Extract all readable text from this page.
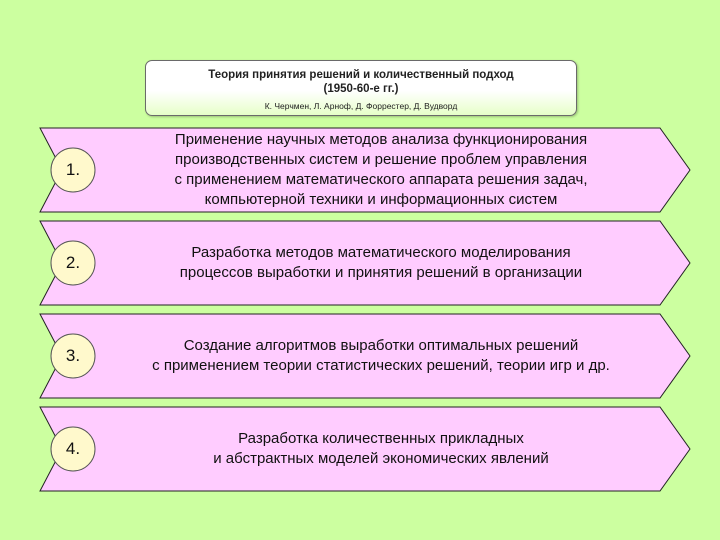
Теория принятия решений и количественный подход
(1950-60-е гг.)
К. Черчмен, Л. Арноф, Д. Форрестер, Д. Вудворд
1.
Применение научных методов анализа функционирования
производственных систем и решение проблем управления
с применением математического аппарата решения задач,
компьютерной техники и информационных систем
2.
Разработка методов математического моделирования
процессов выработки и принятия решений в организации
3.
Создание алгоритмов выработки оптимальных решений
с применением теории статистических решений, теории игр и др.
4.
Разработка количественных прикладных
и абстрактных моделей экономических явлений
